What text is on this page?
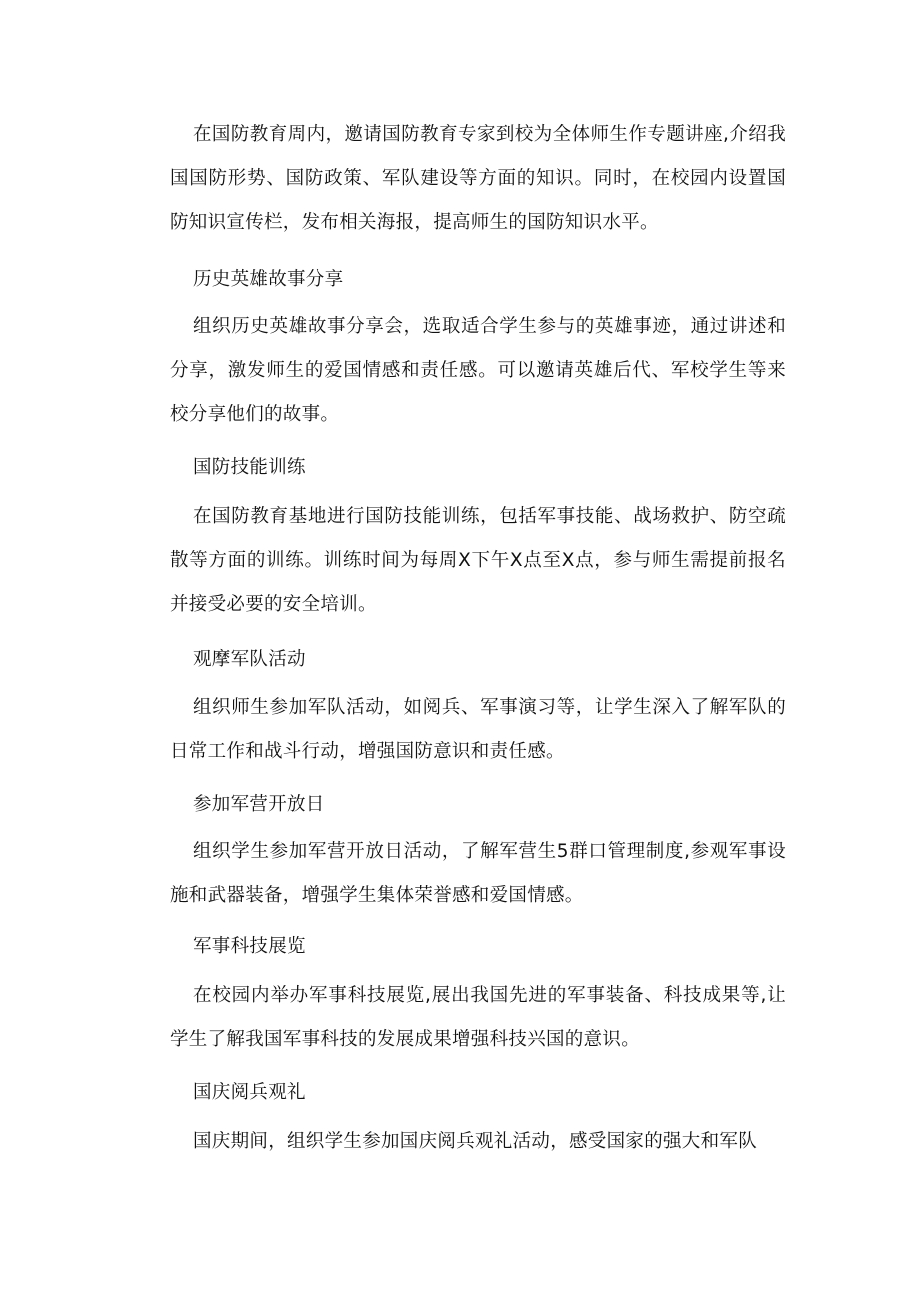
在国防教育周内，邀请国防教育专家到校为全体师生作专题讲座,介绍我国国防形势、国防政策、军队建设等方面的知识。同时，在校园内设置国防知识宣传栏，发布相关海报，提高师生的国防知识水平。

历史英雄故事分享

组织历史英雄故事分享会，选取适合学生参与的英雄事迹，通过讲述和分享，激发师生的爱国情感和责任感。可以邀请英雄后代、军校学生等来校分享他们的故事。

国防技能训练

在国防教育基地进行国防技能训练，包括军事技能、战场救护、防空疏散等方面的训练。训练时间为每周X下午X点至X点，参与师生需提前报名并接受必要的安全培训。

观摩军队活动

组织师生参加军队活动，如阅兵、军事演习等，让学生深入了解军队的日常工作和战斗行动，增强国防意识和责任感。

参加军营开放日

组织学生参加军营开放日活动，了解军营生5群口管理制度,参观军事设施和武器装备，增强学生集体荣誉感和爱国情感。

军事科技展览

在校园内举办军事科技展览,展出我国先进的军事装备、科技成果等,让学生了解我国军事科技的发展成果增强科技兴国的意识。

国庆阅兵观礼

国庆期间，组织学生参加国庆阅兵观礼活动，感受国家的强大和军队
